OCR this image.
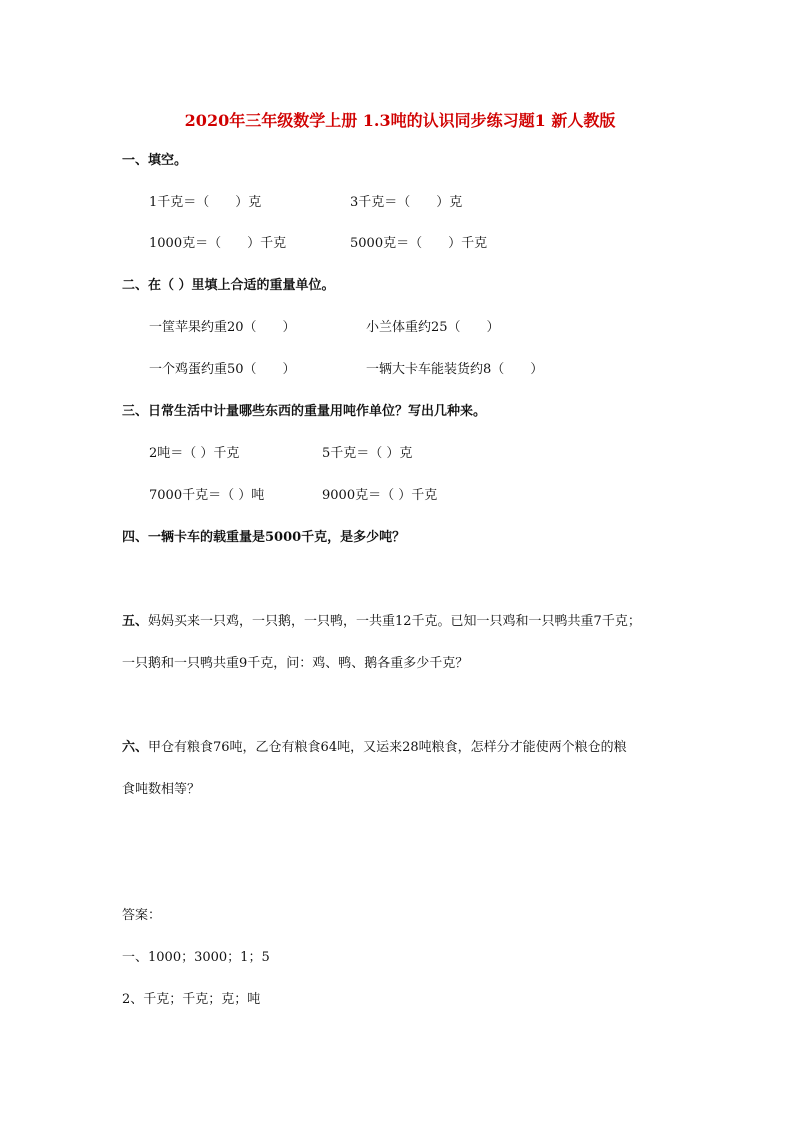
2020年三年级数学上册 1.3吨的认识同步练习题1 新人教版
一、填空。
1千克＝（　　）克	3千克＝（　　）克
1000克＝（　　）千克	5000克＝（　　）千克
二、在（ ）里填上合适的重量单位。
一筐苹果约重20（　　）	小兰体重约25（　　）
一个鸡蛋约重50（　　）	一辆大卡车能装货约8（　　）
三、日常生活中计量哪些东西的重量用吨作单位？写出几种来。
2吨＝（ ）千克	5千克＝（ ）克
7000千克＝（ ）吨	9000克＝（ ）千克
四、一辆卡车的载重量是5000千克，是多少吨？
五、妈妈买来一只鸡，一只鹅，一只鸭，一共重12千克。已知一只鸡和一只鸭共重7千克；
一只鹅和一只鸭共重9千克，问：鸡、鸭、鹅各重多少千克？
六、甲仓有粮食76吨，乙仓有粮食64吨，又运来28吨粮食，怎样分才能使两个粮仓的粮
食吨数相等？
答案：
一、1000；3000；1；5
2、千克；千克；克；吨
